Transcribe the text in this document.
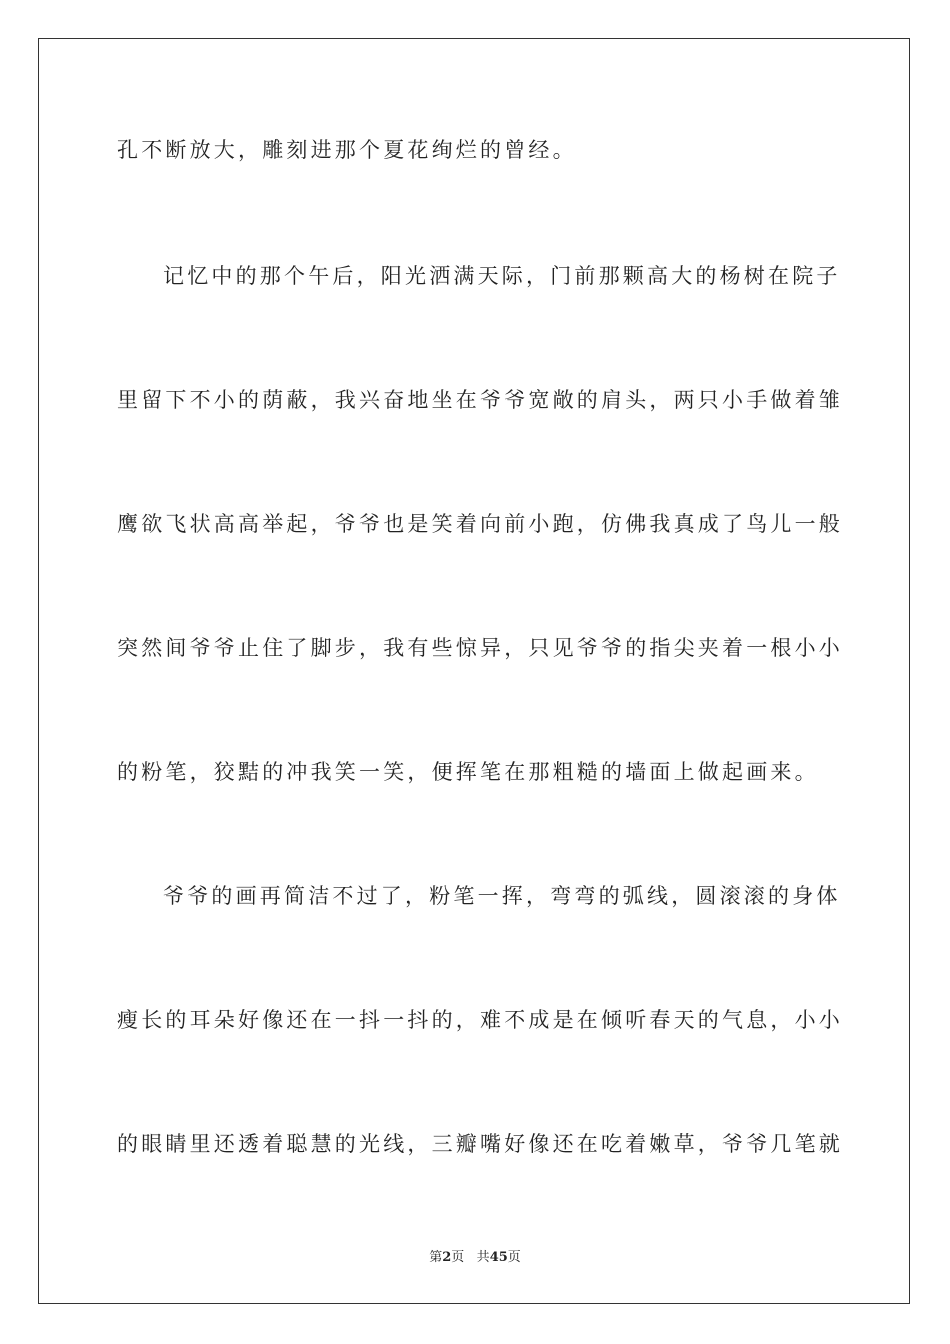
孔不断放大，雕刻进那个夏花绚烂的曾经。
记忆中的那个午后，阳光洒满天际，门前那颗高大的杨树在院子
里留下不小的荫蔽，我兴奋地坐在爷爷宽敞的肩头，两只小手做着雏
鹰欲飞状高高举起，爷爷也是笑着向前小跑，仿佛我真成了鸟儿一般
突然间爷爷止住了脚步，我有些惊异，只见爷爷的指尖夹着一根小小
的粉笔，狡黠的冲我笑一笑，便挥笔在那粗糙的墙面上做起画来。
爷爷的画再简洁不过了，粉笔一挥，弯弯的弧线，圆滚滚的身体
瘦长的耳朵好像还在一抖一抖的，难不成是在倾听春天的气息，小小
的眼睛里还透着聪慧的光线，三瓣嘴好像还在吃着嫩草，爷爷几笔就
第2页 共45页
